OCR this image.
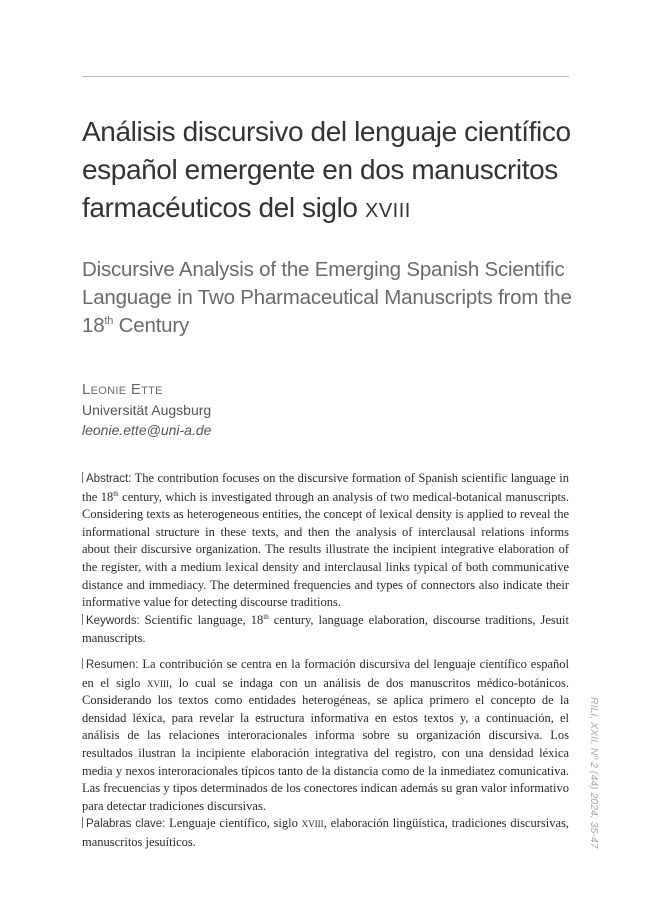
Análisis discursivo del lenguaje científico español emergente en dos manuscritos farmacéuticos del siglo XVIII
Discursive Analysis of the Emerging Spanish Scientific Language in Two Pharmaceutical Manuscripts from the 18th Century
Leonie Ette
Universität Augsburg
leonie.ette@uni-a.de

Abstract: The contribution focuses on the discursive formation of Spanish scientific language in the 18th century, which is investigated through an analysis of two medical-botanical manuscripts. Considering texts as heterogeneous entities, the concept of lexical density is applied to reveal the informational structure in these texts, and then the analysis of interclausal relations informs about their discursive organization. The results illustrate the incipient integrative elaboration of the register, with a medium lexical density and interclausal links typical of both communicative distance and immediacy. The determined frequencies and types of connectors also indicate their informative value for detecting discourse traditions.

Keywords: Scientific language, 18th century, language elaboration, discourse traditions, Jesuit manuscripts.

Resumen: La contribución se centra en la formación discursiva del lenguaje científico español en el siglo xviii, lo cual se indaga con un análisis de dos manuscritos médico-botánicos. Considerando los textos como entidades heterogéneas, se aplica primero el concepto de la densidad léxica, para revelar la estructura informativa en estos textos y, a continuación, el análisis de las relaciones interoracionales informa sobre su organización discursiva. Los resultados ilustran la incipiente elaboración integrativa del registro, con una densidad léxica media y nexos interoracionales típicos tanto de la distancia como de la inmediatez comunicativa. Las frecuencias y tipos determinados de los conectores indican además su gran valor informativo para detectar tradiciones discursivas.

Palabras clave: Lenguaje científico, siglo xviii, elaboración lingüística, tradiciones discursivas, manuscritos jesuíticos.	RILI, XXII, Nº 2 (44) 2024, 35-47
